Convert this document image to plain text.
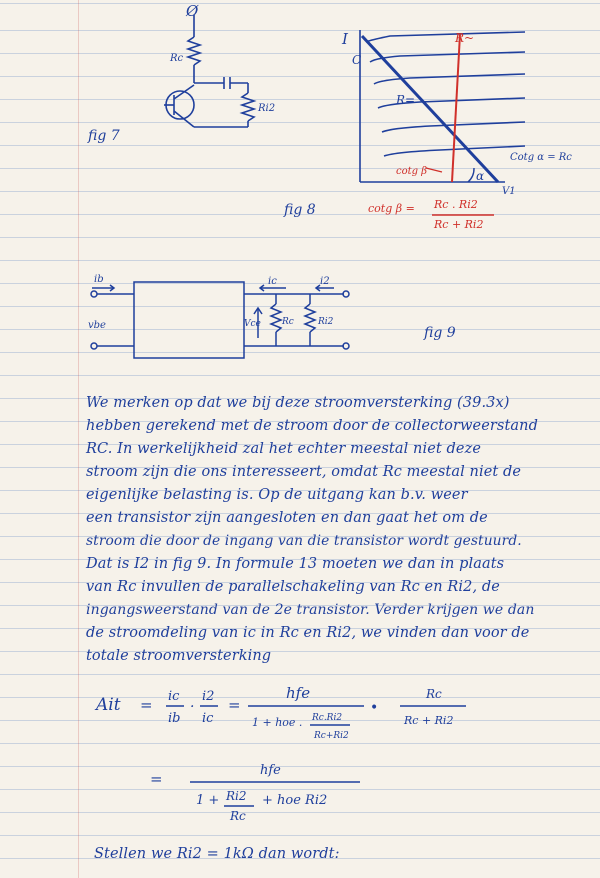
Ø
Rc
Ri2
fig 7
I
C
R~
R=
cotg β	α
Cotg α = Rc
V1
cotg β = Rc . Ri2
Rc + Ri2
fig 8
ib
vbe
ic	i2
Vce Rc	Ri2
fig 9
We merken op dat we bij deze stroomversterking (39.3x)
hebben gerekend met de stroom door de collectorweerstand
RC. In werkelijkheid zal het echter meestal niet deze
stroom zijn die ons interesseert, omdat Rc meestal niet de
eigenlijke belasting is. Op de uitgang kan b.v. weer
een transistor zijn aangesloten en dan gaat het om de
stroom die door de ingang van die transistor wordt gestuurd.
Dat is I2 in fig 9. In formule 13 moeten we dan in plaats
van Rc invullen de parallelschakeling van Rc en Ri2, de
ingangsweerstand van de 2e transistor. Verder krijgen we dan
de stroomdeling van ic in Rc en Ri2, we vinden dan voor de
totale stroomversterking
Ait = ic
ib
·
i2
ic
=
hfe
1 + hoe . Rc.Ri2
Rc+Ri2
•
Rc
Rc + Ri2
=	hfe
1 + Ri2
Rc
+ hoe Ri2
Stellen we Ri2 = 1kΩ dan wordt:
